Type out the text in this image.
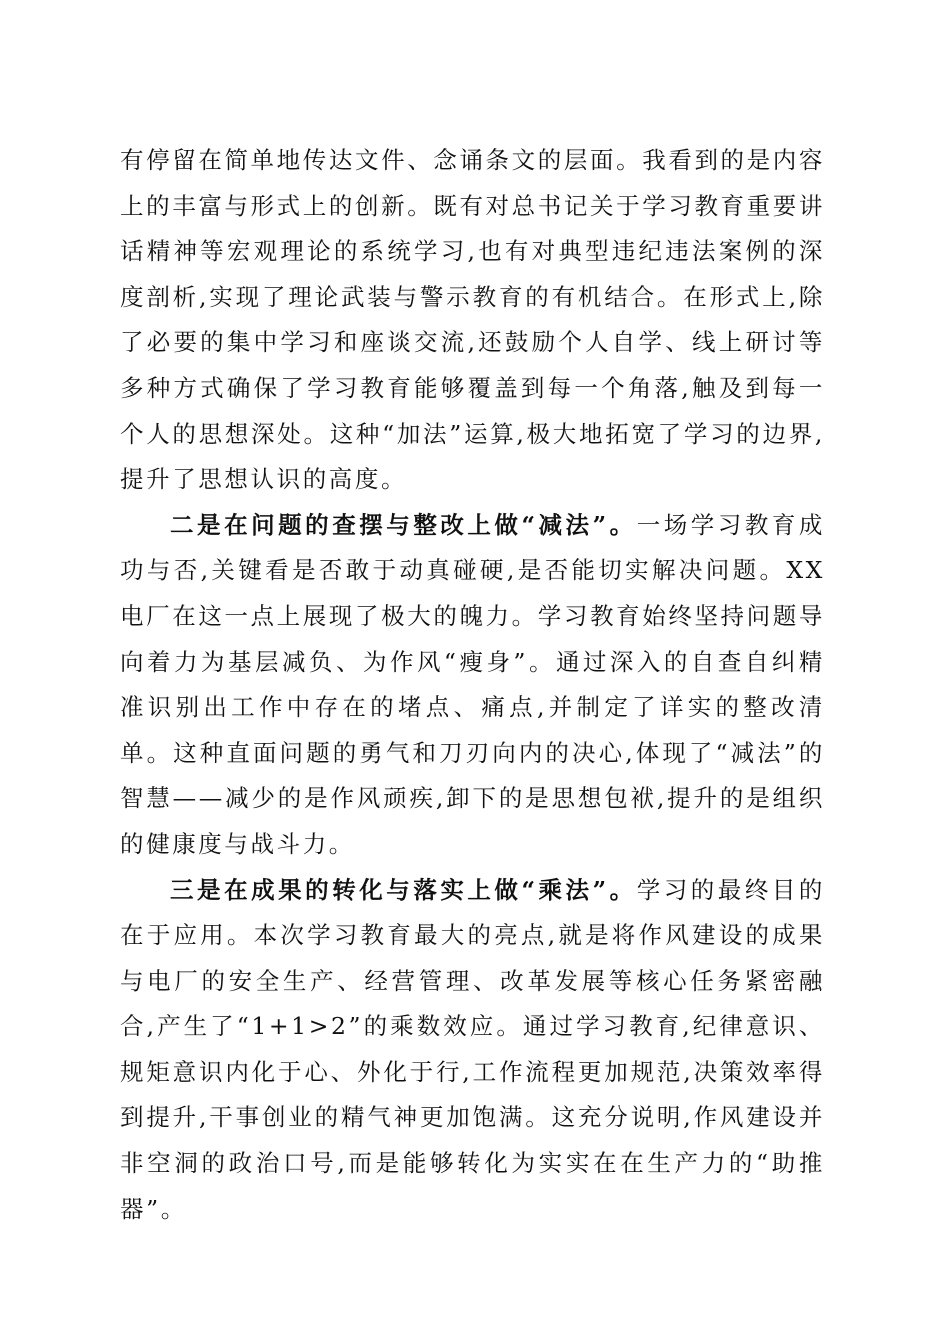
有停留在简单地传达文件、念诵条文的层面。我看到的是内容上的丰富与形式上的创新。既有对总书记关于学习教育重要讲话精神等宏观理论的系统学习,也有对典型违纪违法案例的深度剖析,实现了理论武装与警示教育的有机结合。在形式上,除了必要的集中学习和座谈交流,还鼓励个人自学、线上研讨等多种方式确保了学习教育能够覆盖到每一个角落,触及到每一个人的思想深处。这种“加法”运算,极大地拓宽了学习的边界,提升了思想认识的高度。

二是在问题的查摆与整改上做“减法”。一场学习教育成功与否,关键看是否敢于动真碰硬,是否能切实解决问题。XX电厂在这一点上展现了极大的魄力。学习教育始终坚持问题导向着力为基层减负、为作风“瘦身”。通过深入的自查自纠精准识别出工作中存在的堵点、痛点,并制定了详实的整改清单。这种直面问题的勇气和刀刃向内的决心,体现了“减法”的智慧——减少的是作风顽疾,卸下的是思想包袱,提升的是组织的健康度与战斗力。

三是在成果的转化与落实上做“乘法”。学习的最终目的在于应用。本次学习教育最大的亮点,就是将作风建设的成果与电厂的安全生产、经营管理、改革发展等核心任务紧密融合,产生了“1+1>2”的乘数效应。通过学习教育,纪律意识、规矩意识内化于心、外化于行,工作流程更加规范,决策效率得到提升,干事创业的精气神更加饱满。这充分说明,作风建设并非空洞的政治口号,而是能够转化为实实在在生产力的“助推器”。
